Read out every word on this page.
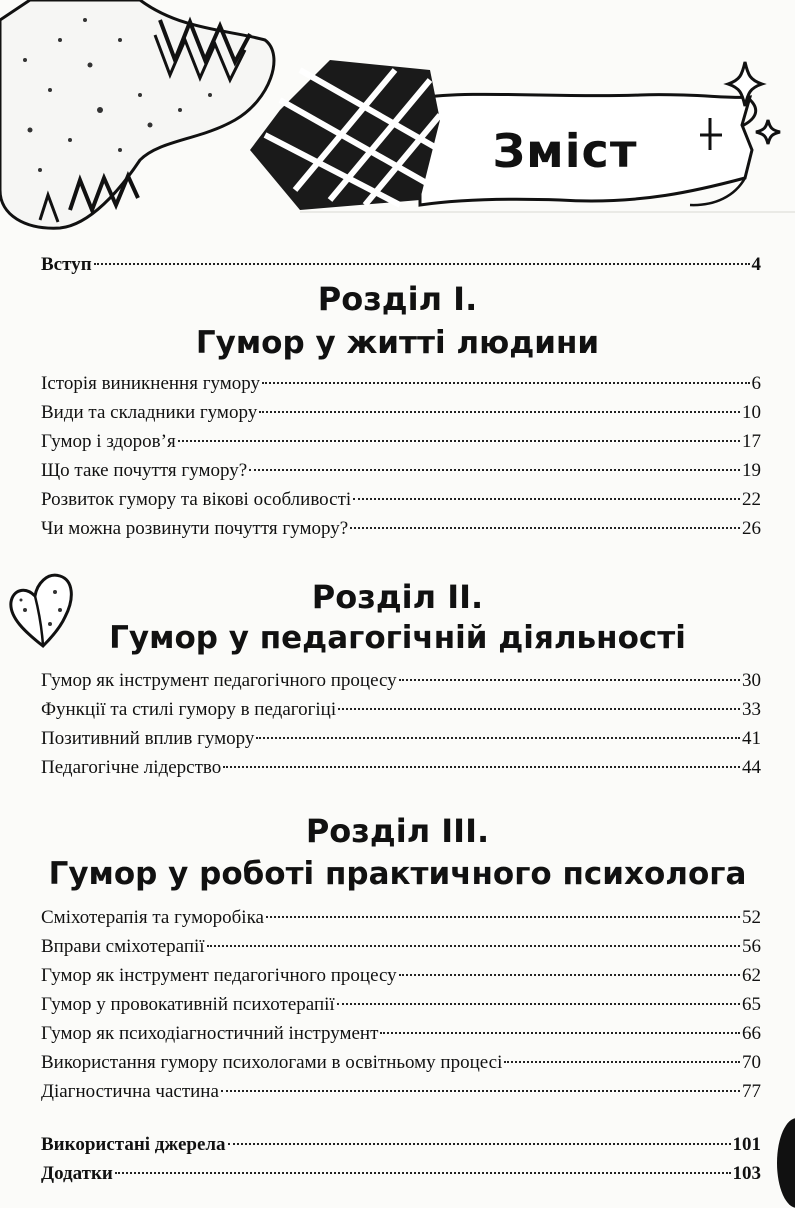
Зміст
Вступ	4
Розділ І.
Гумор у житті людини
Історія виникнення гумору	6
Види та складники гумору	10
Гумор і здоров’я	17
Що таке почуття гумору?	19
Розвиток гумору та вікові особливості	22
Чи можна розвинути почуття гумору?	26
Розділ ІІ.
Гумор у педагогічній діяльності
Гумор як інструмент педагогічного процесу	30
Функції та стилі гумору в педагогіці	33
Позитивний вплив гумору	41
Педагогічне лідерство	44
Розділ ІІІ.
Гумор у роботі практичного психолога
Сміхотерапія та гуморобіка	52
Вправи сміхотерапії	56
Гумор як інструмент педагогічного процесу	62
Гумор у провокативній психотерапії	65
Гумор як психодіагностичний інструмент	66
Використання гумору психологами в освітньому процесі	70
Діагностична частина	77
Використані джерела	101
Додатки	103
